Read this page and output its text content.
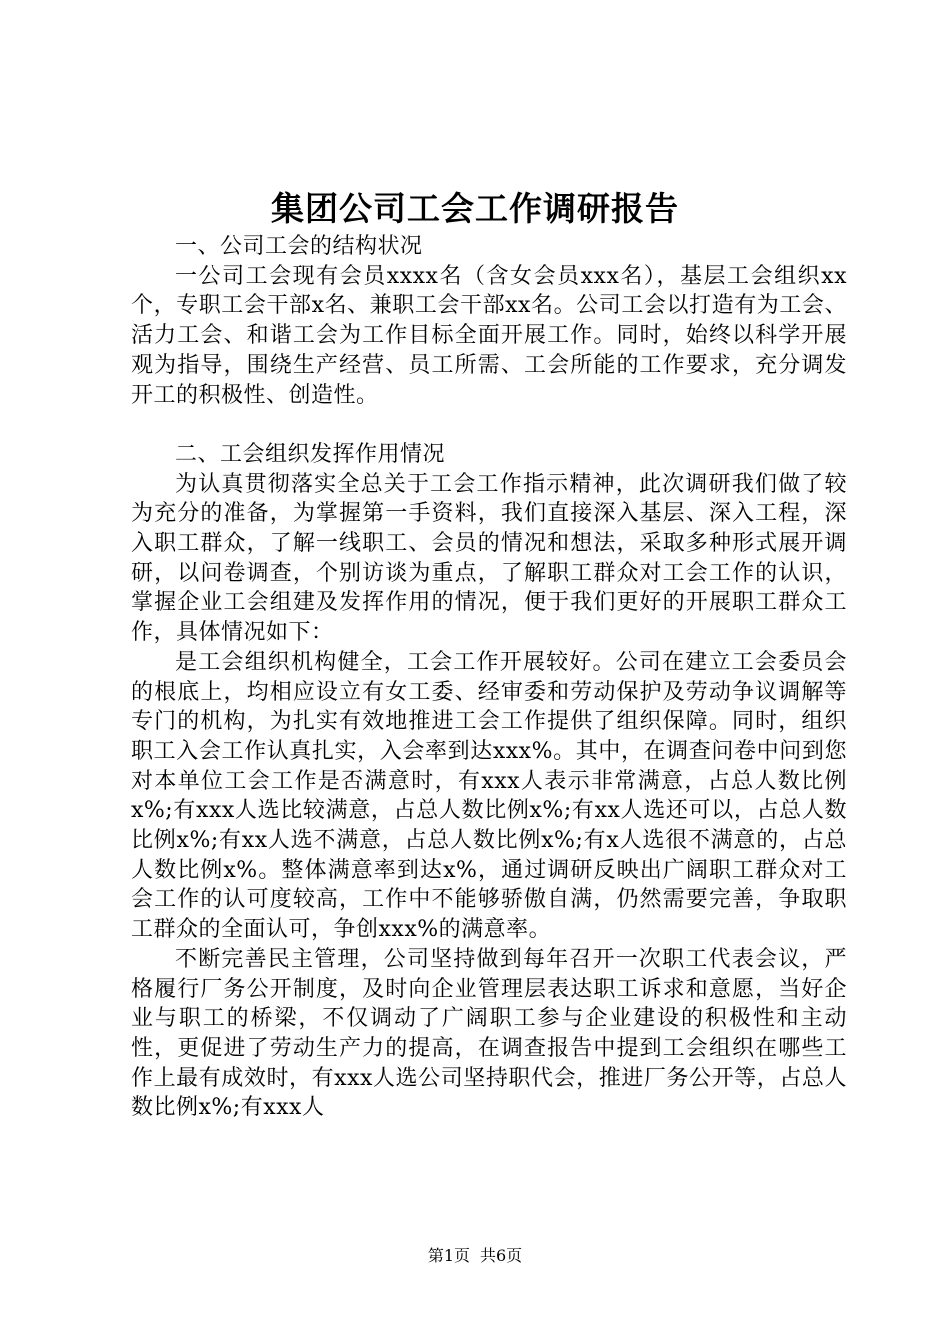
集团公司工会工作调研报告

一、公司工会的结构状况

一公司工会现有会员xxxx名（含女会员xxx名），基层工会组织xx个，专职工会干部x名、兼职工会干部xx名。公司工会以打造有为工会、活力工会、和谐工会为工作目标全面开展工作。同时，始终以科学开展观为指导，围绕生产经营、员工所需、工会所能的工作要求，充分调发开工的积极性、创造性。

二、工会组织发挥作用情况

为认真贯彻落实全总关于工会工作指示精神，此次调研我们做了较为充分的准备，为掌握第一手资料，我们直接深入基层、深入工程，深入职工群众，了解一线职工、会员的情况和想法，采取多种形式展开调研，以问卷调查，个别访谈为重点，了解职工群众对工会工作的认识，掌握企业工会组建及发挥作用的情况，便于我们更好的开展职工群众工作，具体情况如下：

是工会组织机构健全，工会工作开展较好。公司在建立工会委员会的根底上，均相应设立有女工委、经审委和劳动保护及劳动争议调解等专门的机构，为扎实有效地推进工会工作提供了组织保障。同时，组织职工入会工作认真扎实，入会率到达xxx%。其中，在调查问卷中问到您对本单位工会工作是否满意时，有xxx人表示非常满意，占总人数比例x%;有xxx人选比较满意，占总人数比例x%;有xx人选还可以，占总人数比例x%;有xx人选不满意，占总人数比例x%;有x人选很不满意的，占总人数比例x%。整体满意率到达x%，通过调研反映出广阔职工群众对工会工作的认可度较高，工作中不能够骄傲自满，仍然需要完善，争取职工群众的全面认可，争创xxx%的满意率。

不断完善民主管理，公司坚持做到每年召开一次职工代表会议，严格履行厂务公开制度，及时向企业管理层表达职工诉求和意愿，当好企业与职工的桥梁，不仅调动了广阔职工参与企业建设的积极性和主动性，更促进了劳动生产力的提高，在调查报告中提到工会组织在哪些工作上最有成效时，有xxx人选公司坚持职代会，推进厂务公开等，占总人数比例x%;有xxx人

第1页 共6页
